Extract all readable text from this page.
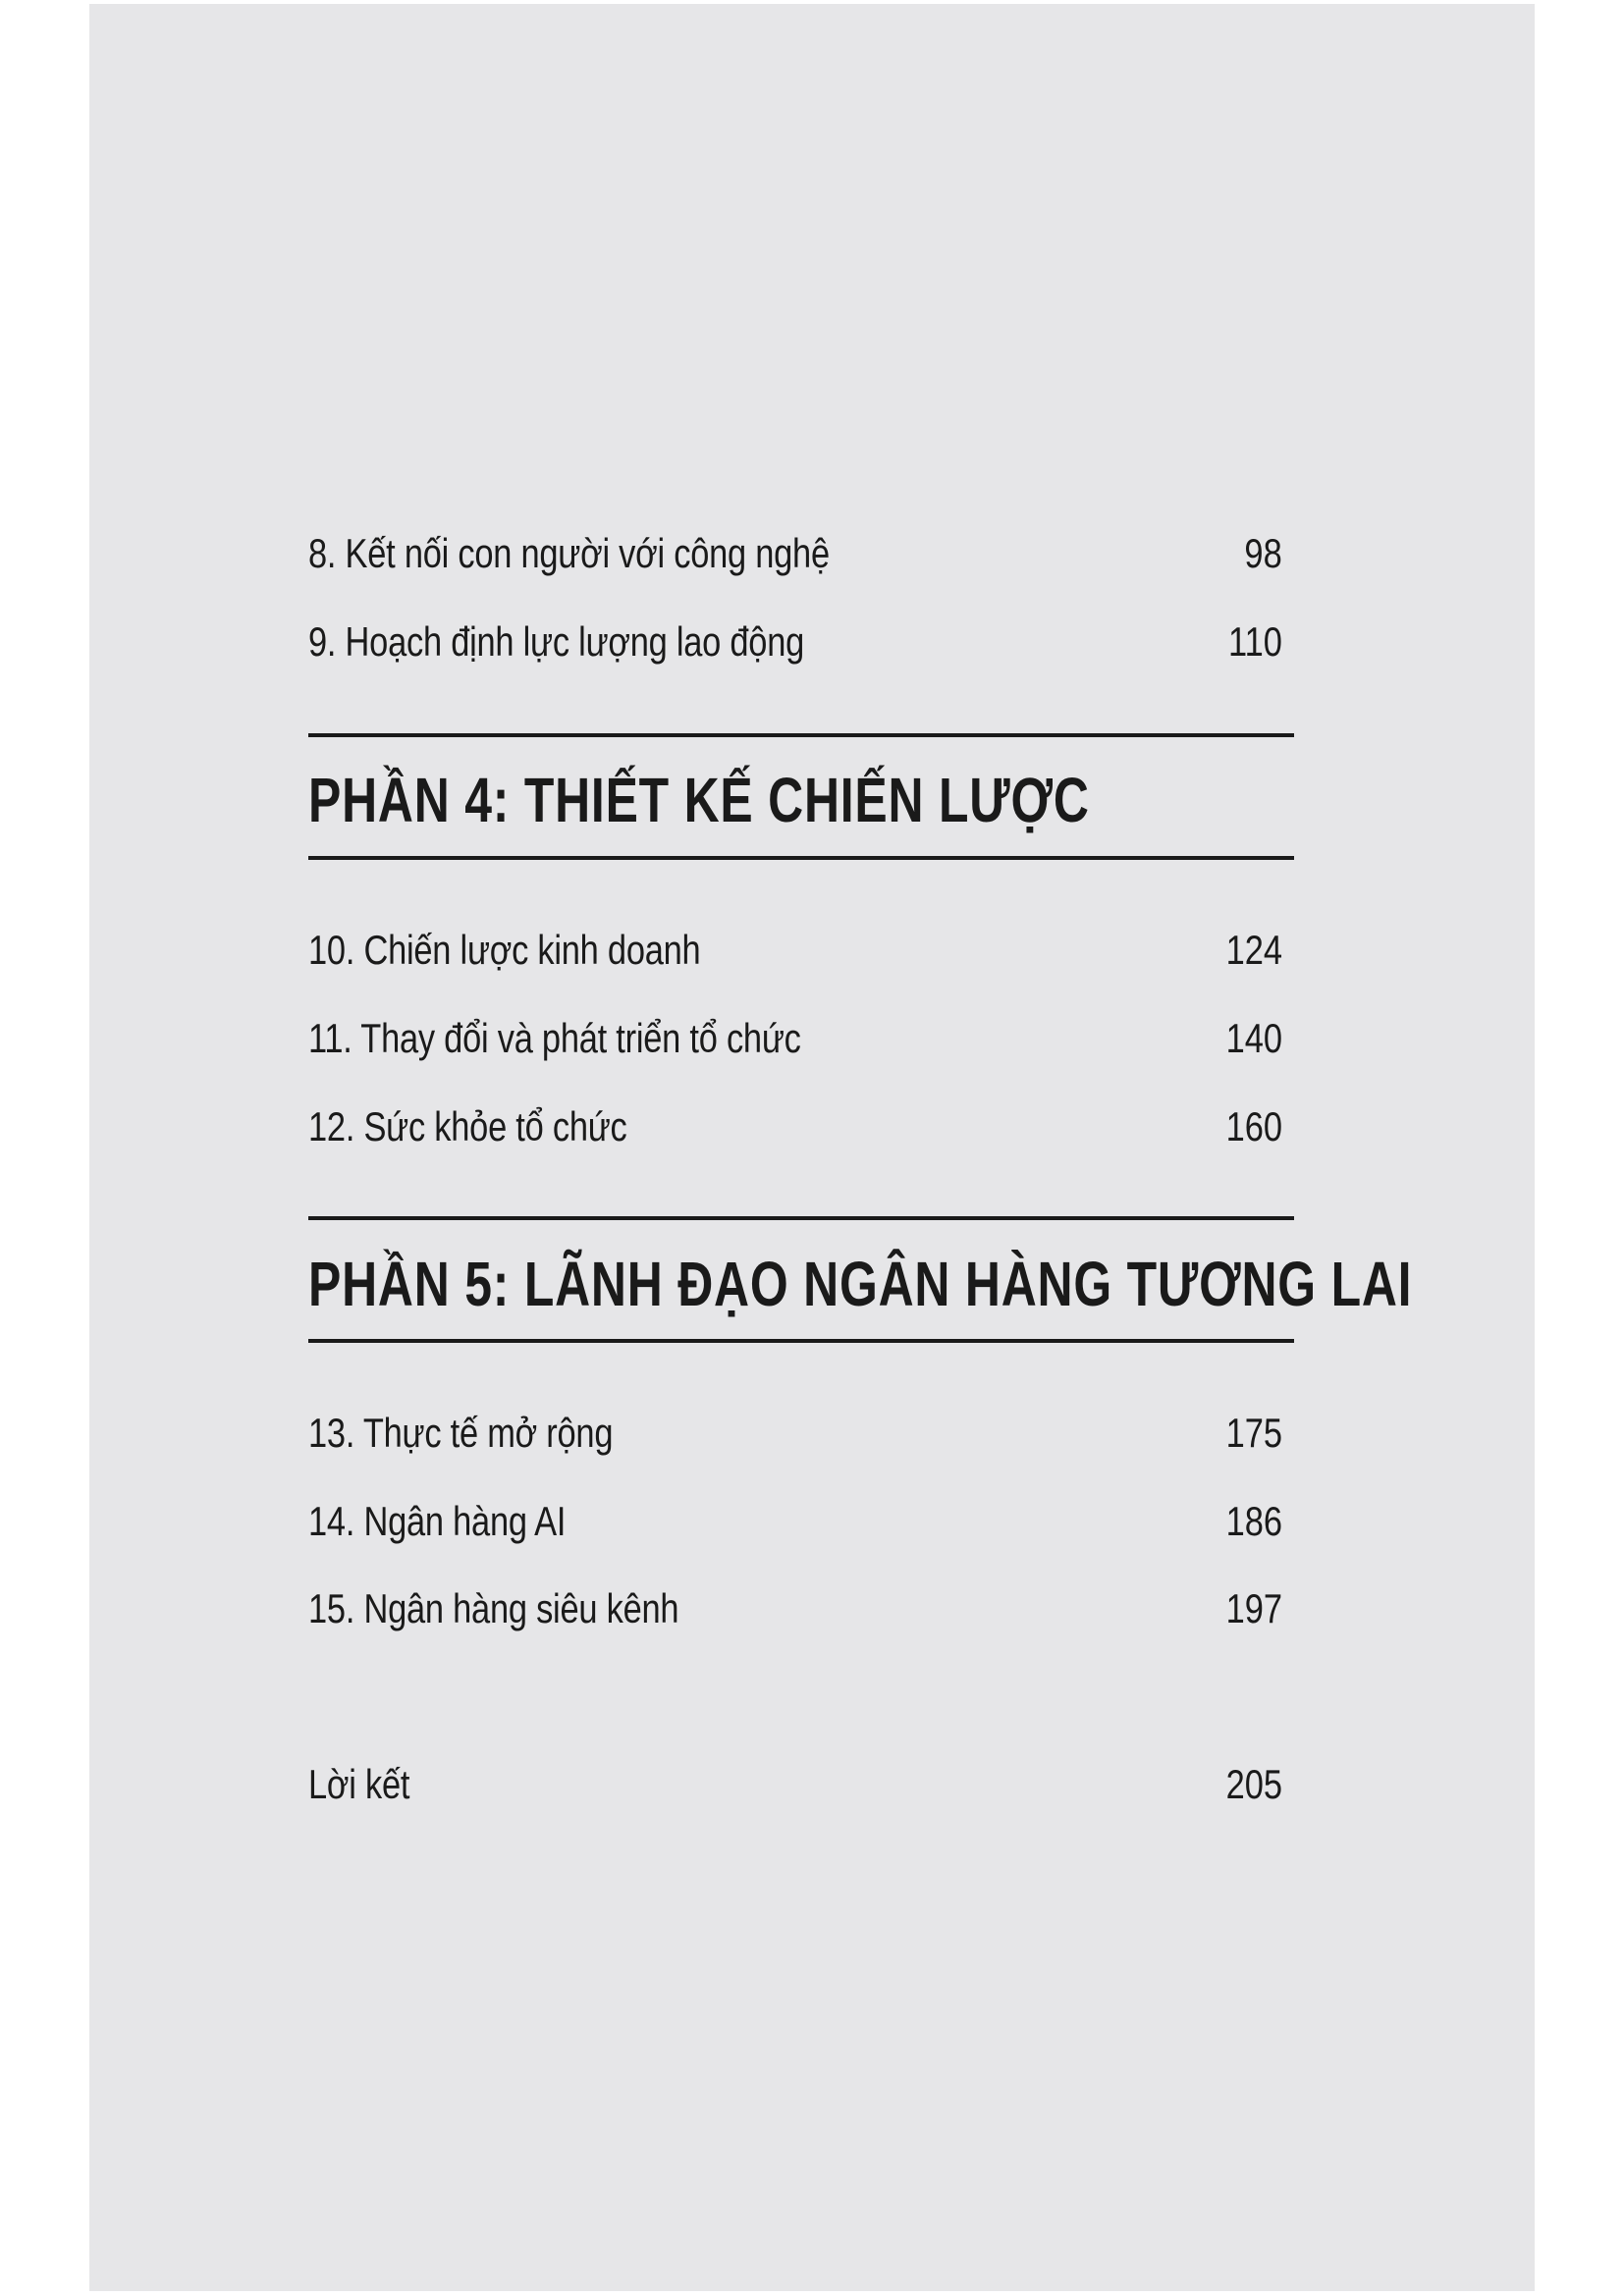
8. Kết nối con người với công nghệ	98
9. Hoạch định lực lượng lao động	110
PHẦN 4: THIẾT KẾ CHIẾN LƯỢC
10. Chiến lược kinh doanh	124
11. Thay đổi và phát triển tổ chức	140
12. Sức khỏe tổ chức	160
PHẦN 5: LÃNH ĐẠO NGÂN HÀNG TƯƠNG LAI
13. Thực tế mở rộng	175
14. Ngân hàng AI	186
15. Ngân hàng siêu kênh	197
Lời kết	205
